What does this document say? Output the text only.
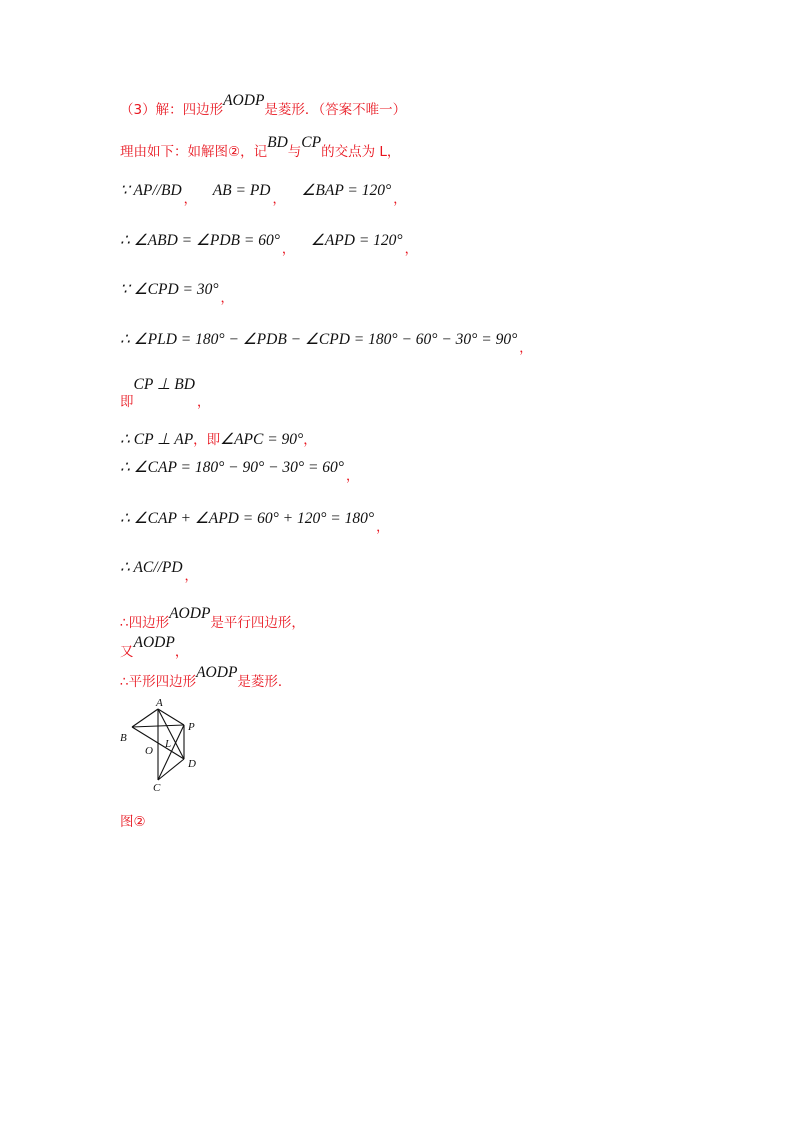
（3）解：四边形AODP是菱形．（答案不唯一）
理由如下：如解图②，记BD与CP的交点为 L，
∵ $AP//BD_,AB$ = $PD_,\angle BAP = 120^\circ_,$
∴ ∠ABD = ∠PDB = $60^\circ_,\angle APD = 120^\circ_,$
∵ ∠CPD = $30^\circ_,$
∴ ∠PLD = 180° − ∠PDB − ∠CPD = $180^\circ - 60^\circ - 30^\circ = 90^\circ_,$
$_即$CP ⊥ $BD_,$
∴ CP ⊥ AP，即∠APC = 90°，
∴ ∠CAP = $180^\circ - 90^\circ - 30^\circ = 60^\circ_,$
∴ ∠CAP + ∠APD = $60^\circ + 120^\circ = 180^\circ_,$
∴ $AC//PD_,$
∴四边形AODP是平行四边形，
又AODP，
∴平形四边形AODP是菱形．
A
B
P
O
L
D
C
图②
